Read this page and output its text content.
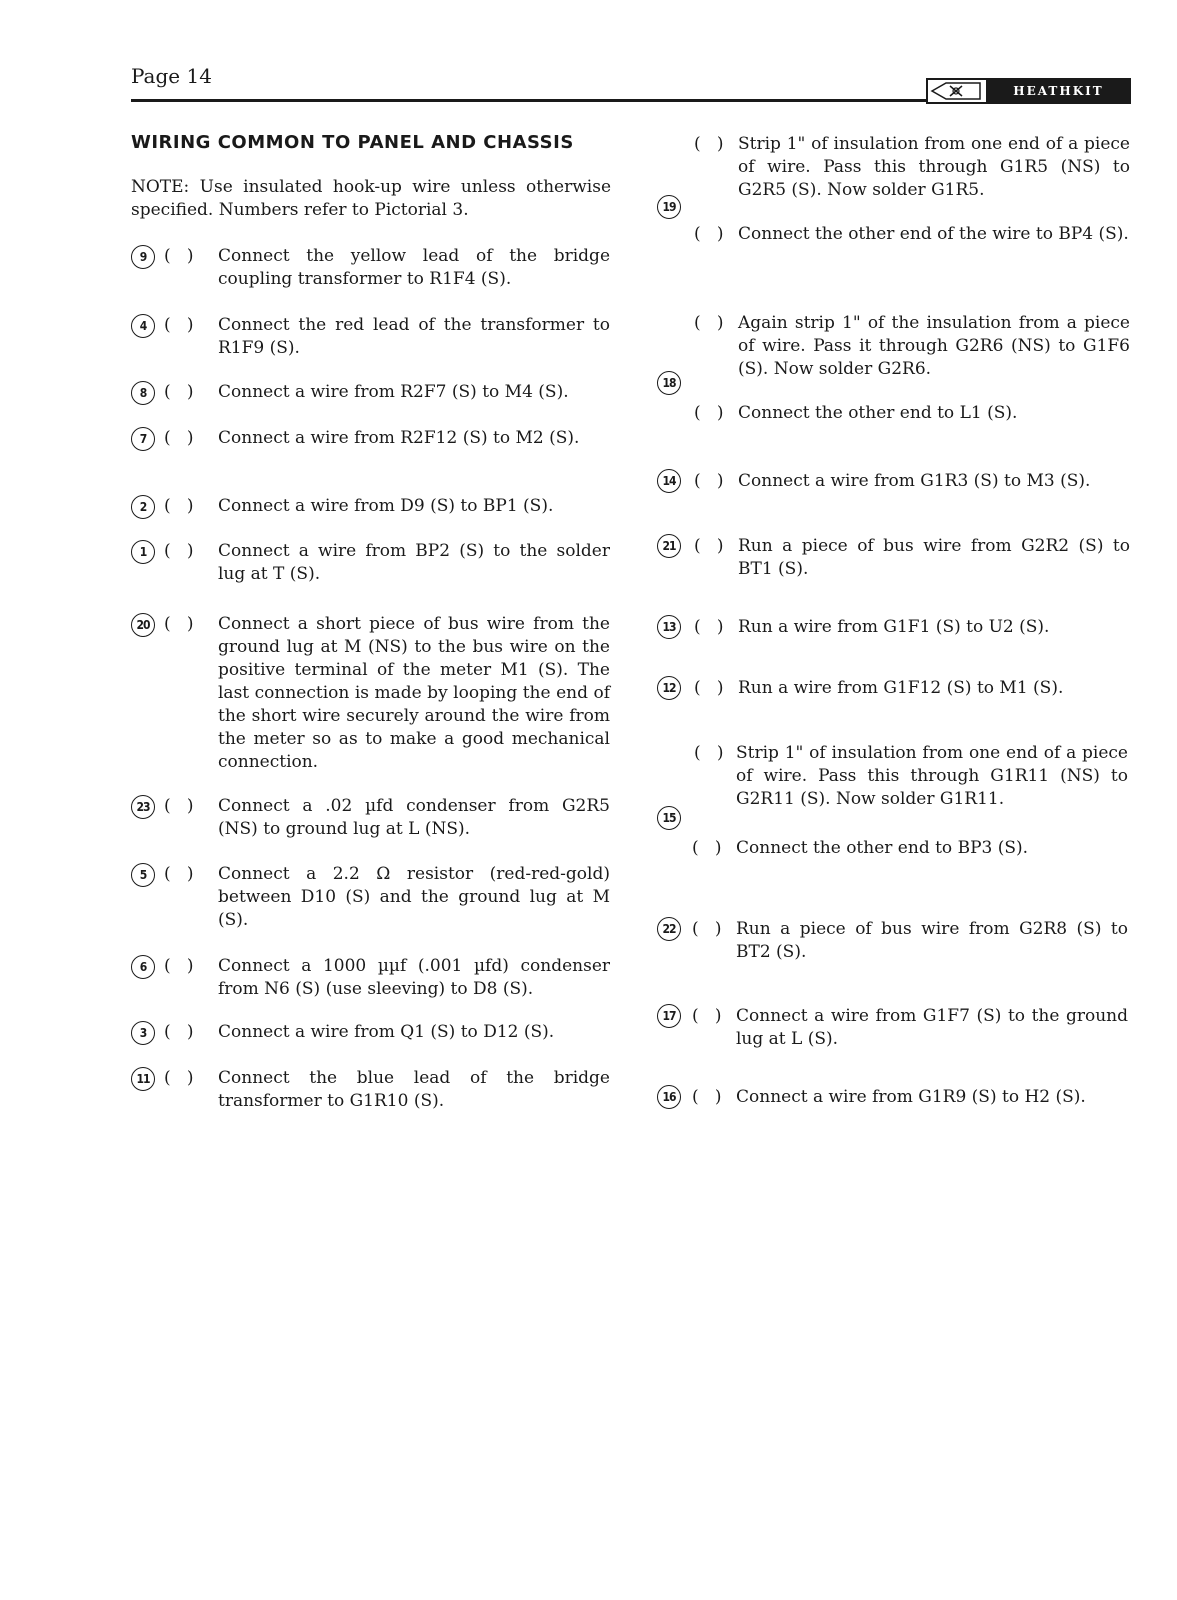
Page 14
HEATHKIT
WIRING COMMON TO PANEL AND CHASSIS
NOTE: Use insulated hook-up wire unless otherwise specified. Numbers refer to Pictorial 3.
9	(   ) Connect the yellow lead of the bridge coupling transformer to R1F4 (S).
4	(   ) Connect the red lead of the transformer to R1F9 (S).
8	(   ) Connect a wire from R2F7 (S) to M4 (S).
7	(   ) Connect a wire from R2F12 (S) to M2 (S).
2	(   ) Connect a wire from D9 (S) to BP1 (S).
1	(   ) Connect a wire from BP2 (S) to the solder lug at T (S).
20 (   ) Connect a short piece of bus wire from the ground lug at M (NS) to the bus wire on the positive terminal of the meter M1 (S). The last connection is made by looping the end of the short wire securely around the wire from the meter so as to make a good mechanical connection.
23 (   ) Connect a .02 µfd condenser from G2R5 (NS) to ground lug at L (NS).
5	(   ) Connect a 2.2 Ω resistor (red-red-gold) between D10 (S) and the ground lug at M (S).
6	(   ) Connect a 1000 µµf (.001 µfd) condenser from N6 (S) (use sleeving) to D8 (S).
3	(   ) Connect a wire from Q1 (S) to D12 (S).
11 (   ) Connect the blue lead of the bridge transformer to G1R10 (S).
19
(   ) Strip 1" of insulation from one end of a piece of wire. Pass this through G1R5 (NS) to G2R5 (S). Now solder G1R5.
(   ) Connect the other end of the wire to BP4 (S).
18
(   ) Again strip 1" of the insulation from a piece of wire. Pass it through G2R6 (NS) to G1F6 (S). Now solder G2R6.
(   ) Connect the other end to L1 (S).
14	(   ) Connect a wire from G1R3 (S) to M3 (S).
21	(   ) Run a piece of bus wire from G2R2 (S) to BT1 (S).
13	(   ) Run a wire from G1F1 (S) to U2 (S).
12	(   ) Run a wire from G1F12 (S) to M1 (S).
15
(   ) Strip 1" of insulation from one end of a piece of wire. Pass this through G1R11 (NS) to G2R11 (S). Now solder G1R11.
(   ) Connect the other end to BP3 (S).
22 (   ) Run a piece of bus wire from G2R8 (S) to BT2 (S).
17 (   ) Connect a wire from G1F7 (S) to the ground lug at L (S).
16 (   ) Connect a wire from G1R9 (S) to H2 (S).
